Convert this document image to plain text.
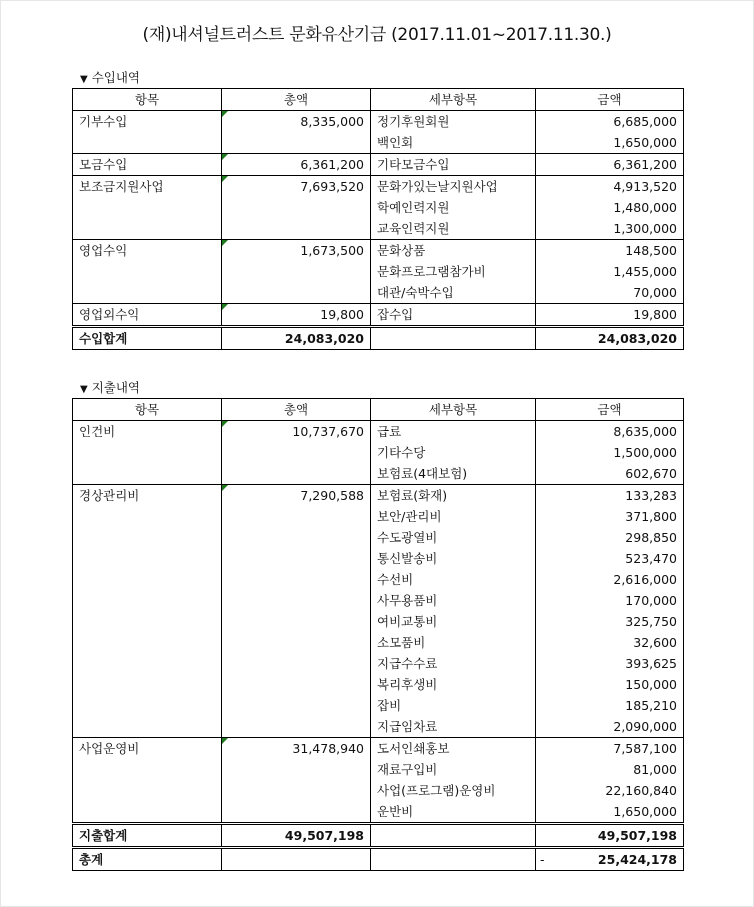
(재)내셔널트러스트 문화유산기금 (2017.11.01~2017.11.30.)
▼ 수입내역
항목	총액	세부항목	금액
기부수입	8,335,000	정기후원회원	6,685,000
		백인회	1,650,000
모금수입	6,361,200	기타모금수입	6,361,200
보조금지원사업	7,693,520	문화가있는날지원사업	4,913,520
		학예인력지원	1,480,000
		교육인력지원	1,300,000
영업수익	1,673,500	문화상품	148,500
		문화프로그램참가비	1,455,000
		대관/숙박수입	70,000
영업외수익	19,800	잡수입	19,800
수입합계	24,083,020		24,083,020
▼ 지출내역
항목	총액	세부항목	금액
인건비	10,737,670	급료	8,635,000
		기타수당	1,500,000
		보험료(4대보험)	602,670
경상관리비	7,290,588	보험료(화재)	133,283
		보안/관리비	371,800
		수도광열비	298,850
		통신발송비	523,470
		수선비	2,616,000
		사무용품비	170,000
		여비교통비	325,750
		소모품비	32,600
		지급수수료	393,625
		복리후생비	150,000
		잡비	185,210
		지급임차료	2,090,000
사업운영비	31,478,940	도서인쇄홍보	7,587,100
		재료구입비	81,000
		사업(프로그램)운영비	22,160,840
		운반비	1,650,000
지출합계	49,507,198		49,507,198
총계			- 25,424,178
